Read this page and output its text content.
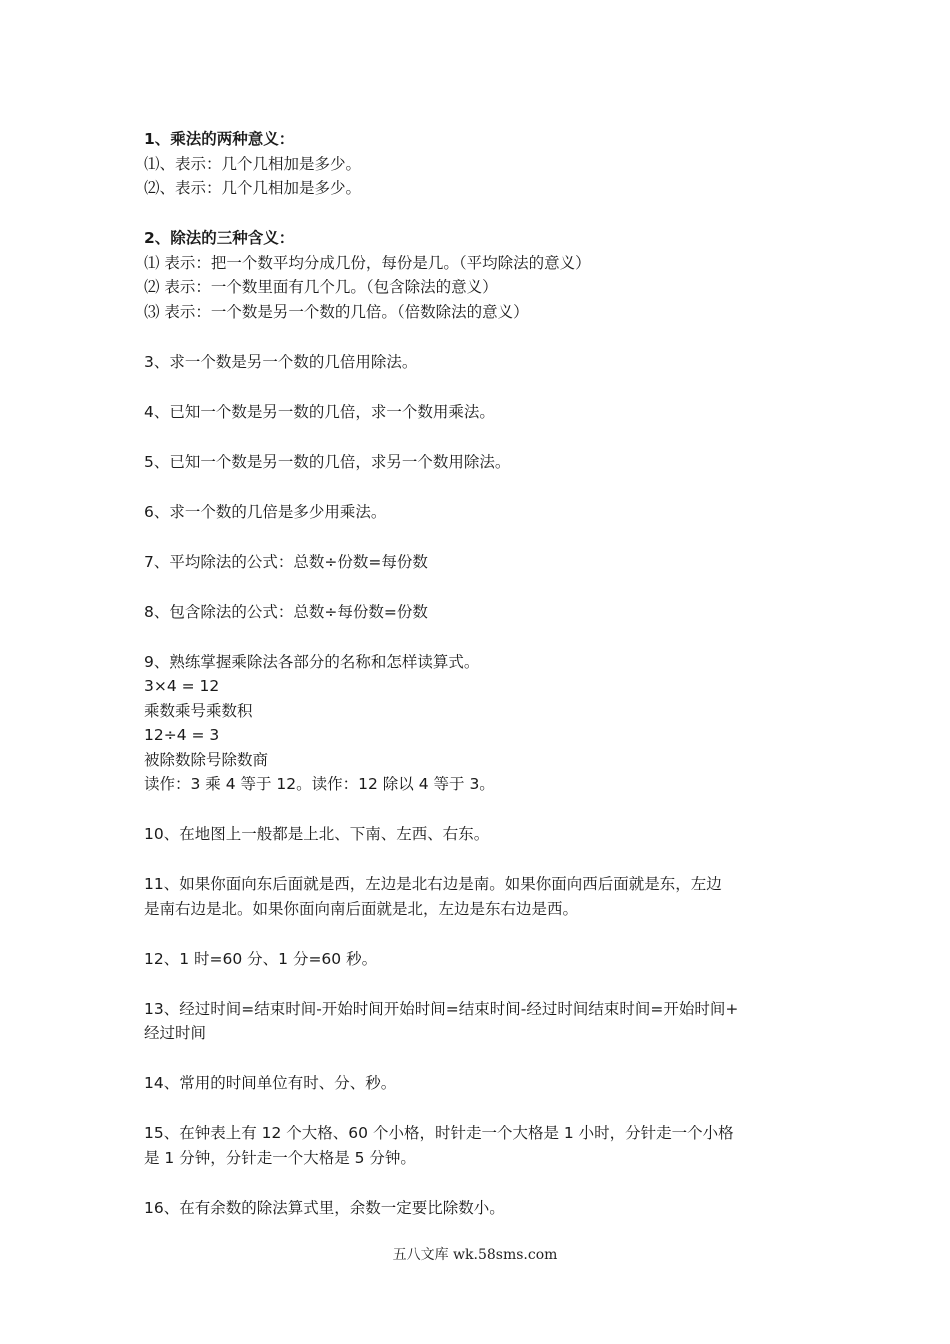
1、乘法的两种意义：
⑴、表示：几个几相加是多少。
⑵、表示：几个几相加是多少。
2、除法的三种含义：
⑴ 表示：把一个数平均分成几份，每份是几。（平均除法的意义）
⑵ 表示：一个数里面有几个几。（包含除法的意义）
⑶ 表示：一个数是另一个数的几倍。（倍数除法的意义）
3、求一个数是另一个数的几倍用除法。
4、已知一个数是另一数的几倍，求一个数用乘法。
5、已知一个数是另一数的几倍，求另一个数用除法。
6、求一个数的几倍是多少用乘法。
7、平均除法的公式：总数÷份数=每份数
8、包含除法的公式：总数÷每份数=份数
9、熟练掌握乘除法各部分的名称和怎样读算式。
3×4 = 12
乘数乘号乘数积
12÷4 = 3
被除数除号除数商
读作：3 乘 4 等于 12。读作：12 除以 4 等于 3。
10、在地图上一般都是上北、下南、左西、右东。
11、如果你面向东后面就是西，左边是北右边是南。如果你面向西后面就是东，左边
是南右边是北。如果你面向南后面就是北，左边是东右边是西。
12、1 时=60 分、1 分=60 秒。
13、经过时间=结束时间-开始时间开始时间=结束时间-经过时间结束时间=开始时间+
经过时间
14、常用的时间单位有时、分、秒。
15、在钟表上有 12 个大格、60 个小格，时针走一个大格是 1 小时，分针走一个小格
是 1 分钟，分针走一个大格是 5 分钟。
16、在有余数的除法算式里，余数一定要比除数小。
五八文库 wk.58sms.com
